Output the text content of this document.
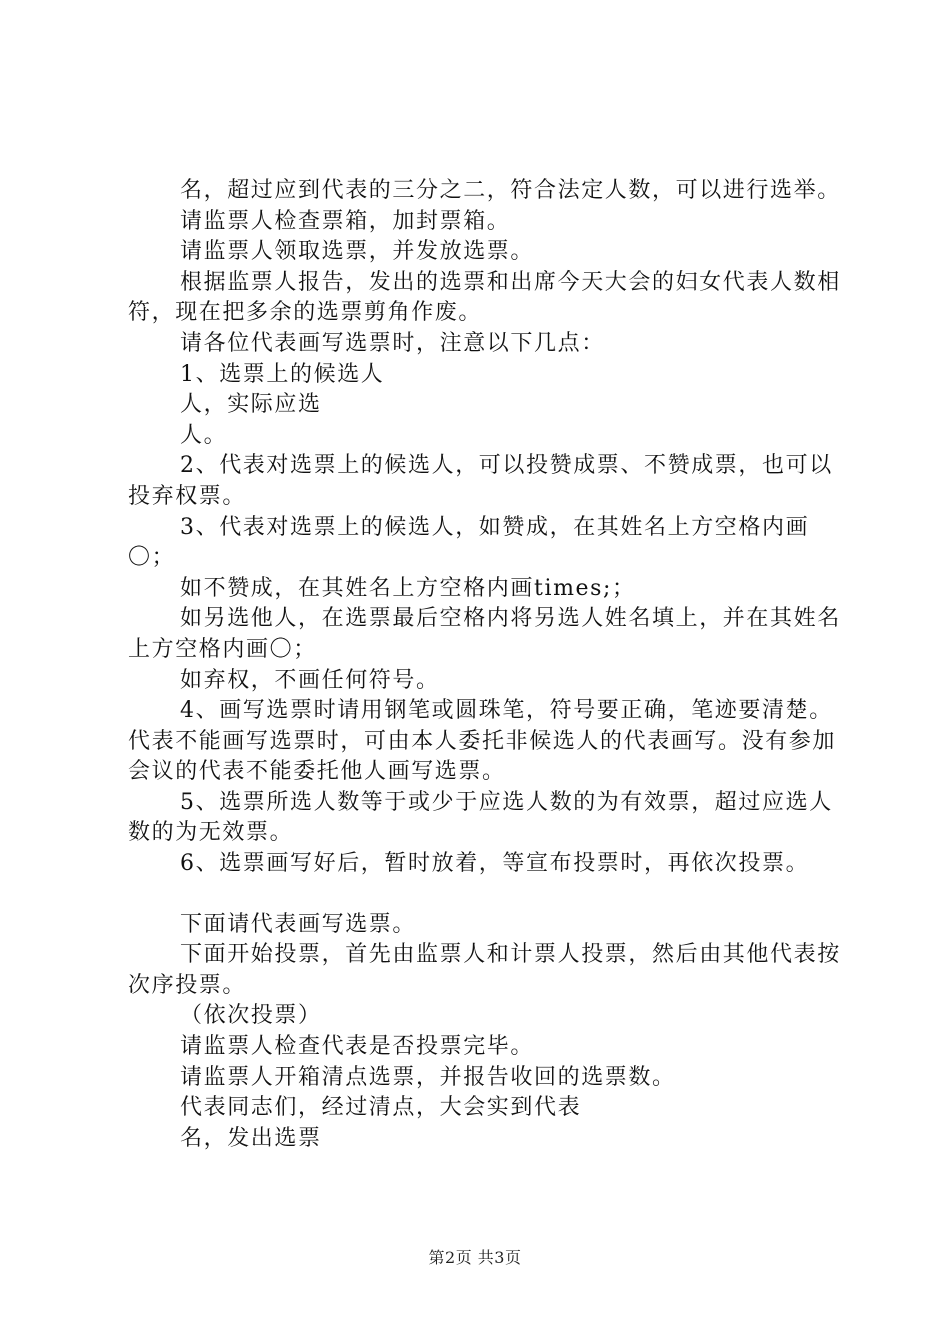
名，超过应到代表的三分之二，符合法定人数，可以进行选举。

请监票人检查票箱，加封票箱。

请监票人领取选票，并发放选票。

根据监票人报告，发出的选票和出席今天大会的妇女代表人数相符，现在把多余的选票剪角作废。

请各位代表画写选票时，注意以下几点：

1、选票上的候选人

人，实际应选

人。

2、代表对选票上的候选人，可以投赞成票、不赞成票，也可以投弃权票。

3、代表对选票上的候选人，如赞成，在其姓名上方空格内画〇；

如不赞成，在其姓名上方空格内画times;；

如另选他人，在选票最后空格内将另选人姓名填上，并在其姓名上方空格内画〇；

如弃权，不画任何符号。

4、画写选票时请用钢笔或圆珠笔，符号要正确，笔迹要清楚。代表不能画写选票时，可由本人委托非候选人的代表画写。没有参加会议的代表不能委托他人画写选票。

5、选票所选人数等于或少于应选人数的为有效票，超过应选人数的为无效票。

6、选票画写好后，暂时放着，等宣布投票时，再依次投票。

下面请代表画写选票。

下面开始投票，首先由监票人和计票人投票，然后由其他代表按次序投票。

（依次投票）

请监票人检查代表是否投票完毕。

请监票人开箱清点选票，并报告收回的选票数。

代表同志们，经过清点，大会实到代表

名，发出选票

第2页 共3页
